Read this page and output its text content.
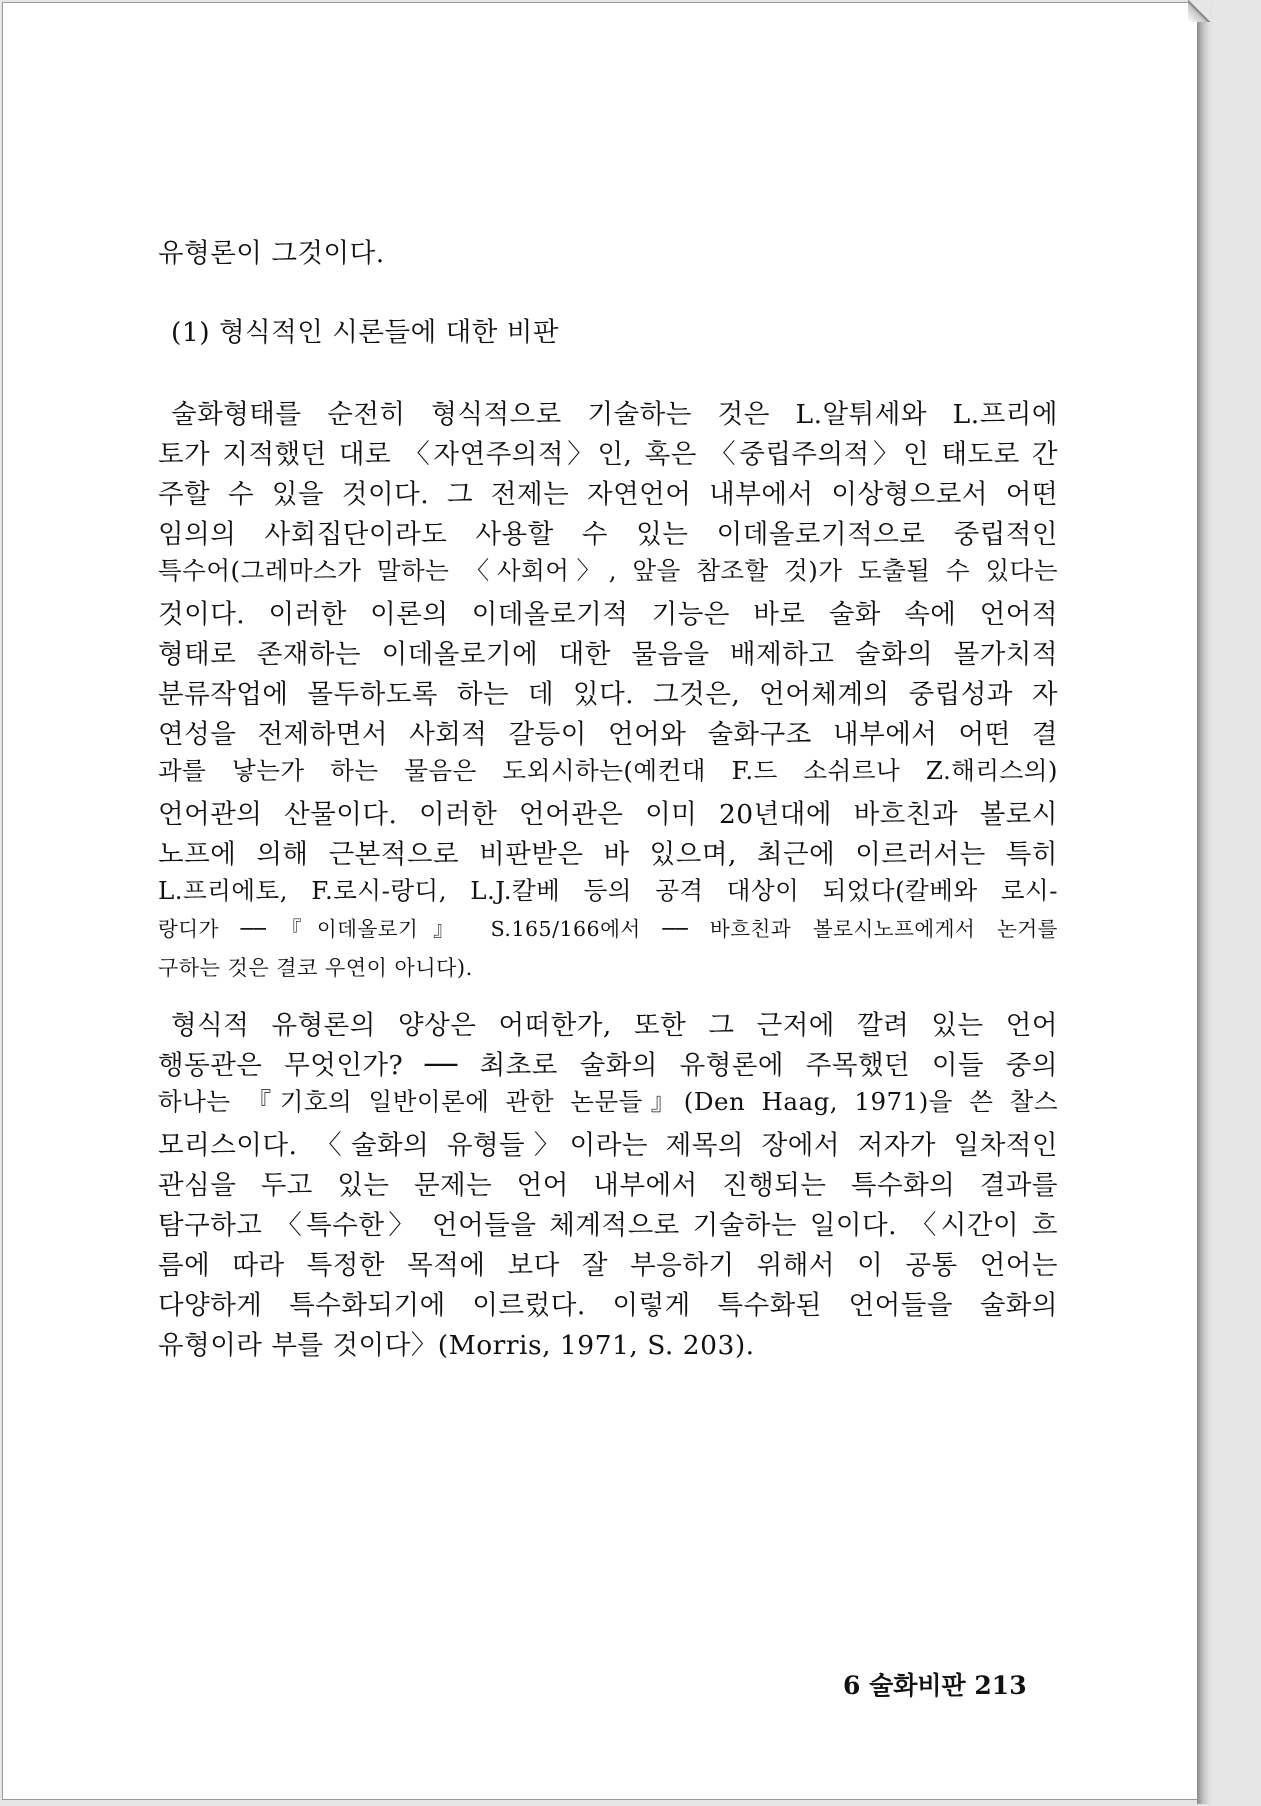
유형론이 그것이다.
(1) 형식적인 시론들에 대한 비판
술화형태를 순전히 형식적으로 기술하는 것은 L.알튀세와 L.프리에
토가 지적했던 대로 〈자연주의적〉인, 혹은 〈중립주의적〉인 태도로 간
주할 수 있을 것이다. 그 전제는 자연언어 내부에서 이상형으로서 어떤
임의의 사회집단이라도 사용할 수 있는 이데올로기적으로 중립적인
특수어(그레마스가 말하는 〈사회어〉, 앞을 참조할 것)가 도출될 수 있다는
것이다. 이러한 이론의 이데올로기적 기능은 바로 술화 속에 언어적
형태로 존재하는 이데올로기에 대한 물음을 배제하고 술화의 몰가치적
분류작업에 몰두하도록 하는 데 있다. 그것은, 언어체계의 중립성과 자
연성을 전제하면서 사회적 갈등이 언어와 술화구조 내부에서 어떤 결
과를 낳는가 하는 물음은 도외시하는(예컨대 F.드 소쉬르나 Z.해리스의)
언어관의 산물이다. 이러한 언어관은 이미 20년대에 바흐친과 볼로시
노프에 의해 근본적으로 비판받은 바 있으며, 최근에 이르러서는 특히
L.프리에토, F.로시-랑디, L.J.칼베 등의 공격 대상이 되었다(칼베와 로시-
랑디가 ──『이데올로기』 S.165/166에서 ── 바흐친과 볼로시노프에게서 논거를
구하는 것은 결코 우연이 아니다).
형식적 유형론의 양상은 어떠한가, 또한 그 근저에 깔려 있는 언어
행동관은 무엇인가? ── 최초로 술화의 유형론에 주목했던 이들 중의
하나는 『기호의 일반이론에 관한 논문들』(Den Haag, 1971)을 쓴 찰스
모리스이다. 〈술화의 유형들〉이라는 제목의 장에서 저자가 일차적인
관심을 두고 있는 문제는 언어 내부에서 진행되는 특수화의 결과를
탐구하고 〈특수한〉 언어들을 체계적으로 기술하는 일이다. 〈시간이 흐
름에 따라 특정한 목적에 보다 잘 부응하기 위해서 이 공통 언어는
다양하게 특수화되기에 이르렀다. 이렇게 특수화된 언어들을 술화의
유형이라 부를 것이다〉(Morris, 1971, S. 203).
6 술화비판 213
